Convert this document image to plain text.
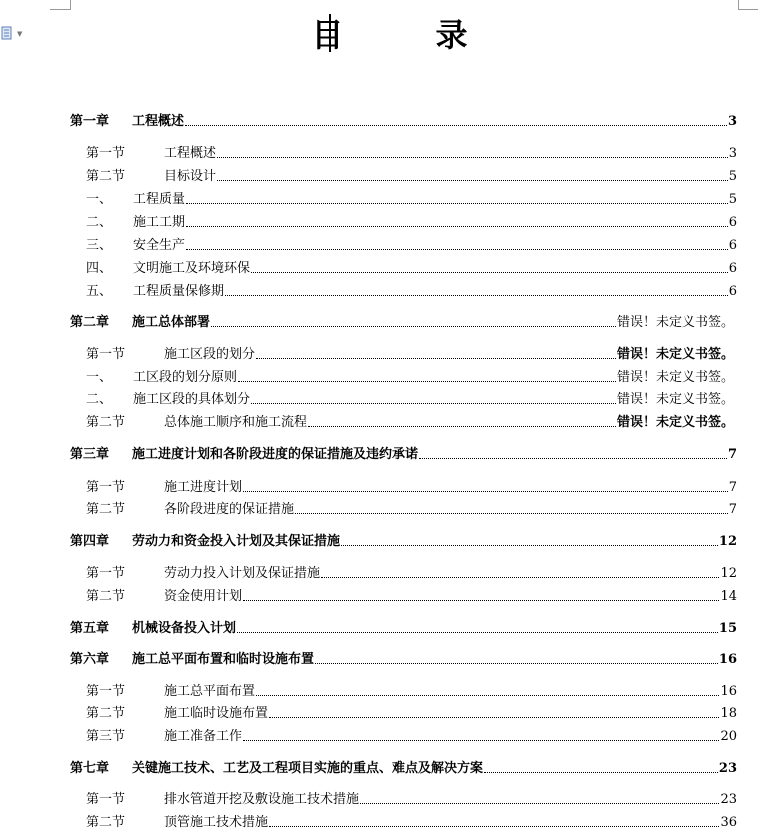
▼	目	录
第一章	工程概述	3
第一节	工程概述	3
第二节	目标设计	5
一、	工程质量	5
二、	施工工期	6
三、	安全生产	6
四、	文明施工及环境环保	6
五、	工程质量保修期	6
第二章	施工总体部署	错误！未定义书签。
第一节	施工区段的划分	错误！未定义书签。
一、	工区段的划分原则	错误！未定义书签。
二、	施工区段的具体划分	错误！未定义书签。
第二节	总体施工顺序和施工流程	错误！未定义书签。
第三章	施工进度计划和各阶段进度的保证措施及违约承诺	7
第一节	施工进度计划	7
第二节	各阶段进度的保证措施	7
第四章	劳动力和资金投入计划及其保证措施	12
第一节	劳动力投入计划及保证措施	12
第二节	资金使用计划	14
第五章	机械设备投入计划	15
第六章	施工总平面布置和临时设施布置	16
第一节	施工总平面布置	16
第二节	施工临时设施布置	18
第三节	施工准备工作	20
第七章	关键施工技术、工艺及工程项目实施的重点、难点及解决方案	23
第一节	排水管道开挖及敷设施工技术措施	23
第二节	顶管施工技术措施	36
